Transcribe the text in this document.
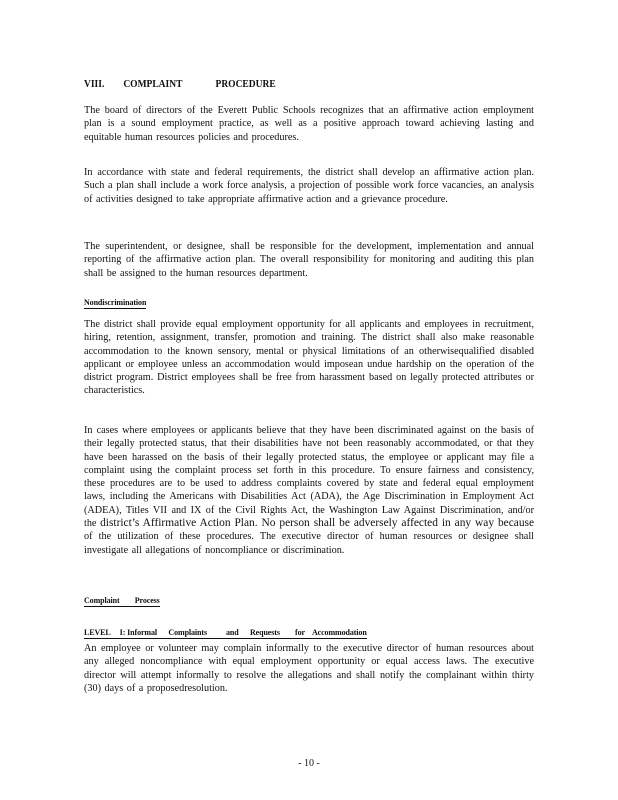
VIII.        COMPLAINT              PROCEDURE

The board of directors of the Everett Public Schools recognizes that an affirmative action employment plan is a sound employment practice, as well as a positive approach toward achieving lasting and equitable human resources policies and procedures.

In accordance with state and federal requirements, the district shall develop an affirmative action plan. Such a plan shall include a work force analysis, a projection of possible work force vacancies, an analysis of activities designed to take appropriate affirmative action and a grievance procedure.

The superintendent, or designee, shall be responsible for the development, implementation and annual reporting of the affirmative action plan. The overall responsibility for monitoring and auditing this plan shall be assigned to the human resources department.

Nondiscrimination

The district shall provide equal employment opportunity for all applicants and employees in recruitment, hiring, retention, assignment, transfer, promotion and training. The district shall also make reasonable accommodation to the known sensory, mental or physical limitations of an otherwisequalified disabled applicant or employee unless an accommodation would imposean undue hardship on the operation of the district program. District employees shall be free from harassment based on legally protected attributes or characteristics.

In cases where employees or applicants believe that they have been discriminated against on the basis of their legally protected status, that their disabilities have not been reasonably accommodated, or that they have been harassed on the basis of their legally protected status, the employee or applicant may file a complaint using the complaint process set forth in this procedure. To ensure fairness and consistency, these procedures are to be used to address complaints covered by state and federal equal employment laws, including the Americans with Disabilities Act (ADA), the Age Discrimination in Employment Act (ADEA), Titles VII and IX of the Civil Rights Act, the Washington Law Against Discrimination, and/or the district’s Affirmative Action Plan. No person shall be adversely affected in any way because of the utilization of these procedures. The executive director of human resources or designee shall investigate all allegations of noncompliance or discrimination.
Complaint        Process
LEVEL     I: Informal      Complaints          and      Requests        for    Accommodation

An employee or volunteer may complain informally to the executive director of human resources about any alleged noncompliance with equal employment opportunity or equal access laws. The executive director will attempt informally to resolve the allegations and shall notify the complainant within thirty (30) days of a proposedresolution.

- 10 -
